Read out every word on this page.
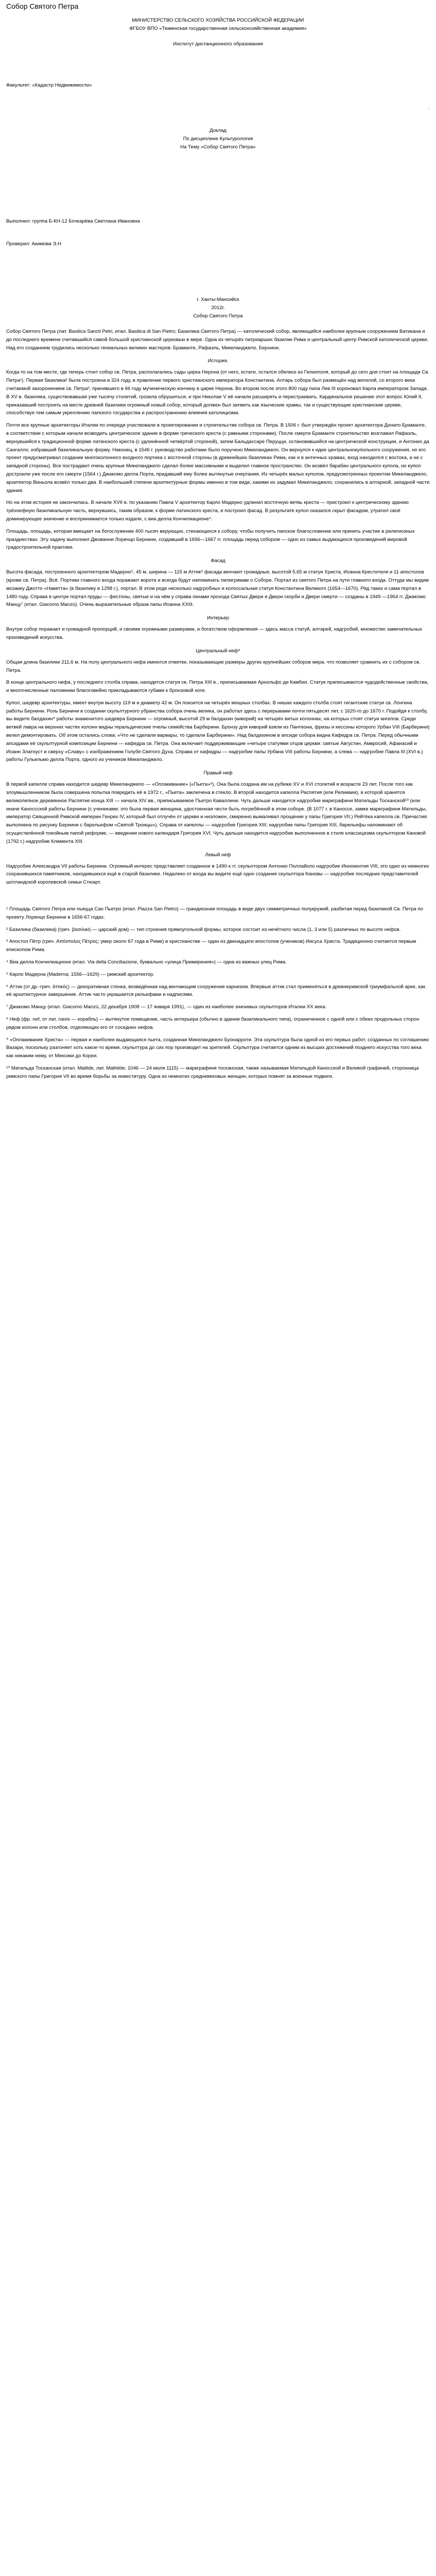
Собор Святого Петра
МИНИСТЕРСТВО СЕЛЬСКОГО ХОЗЯЙСТВА РОССИЙСКОЙ ФЕДЕРАЦИИ
ФГБОУ ВПО «Тюменская государственная сельскохозяйственная академия»
Институт дистанционного образования
Факультет: «Кадастр Недвижимости»
.
Доклад
По дисциплине Культурология
На Тему «Собор Святого Петра»
Выполнил: группа Б-КН-12 Бочкарёва Светлана Ивановна
Проверил: Акимова Э.Н
г. Ханты-Мансийск
2012г.
Собор Святого Петра

Собор Святого Петра (лат. Basilica Sancti Petri, итал. Basilica di San Pietro; Базилика Святого Петра) — католический собор, являющийся наиболее крупным сооружением Ватикана и до последнего времени считавшийся самой большой христианской церковью в мире. Одна из четырёх патриарших базилик Рима и центральный центр Римской католической церкви. Над его созданием трудились несколько гениальных великих мастеров: Браманте, Рафаэль, Микеланджело, Бернини.

История.

Когда-то на том месте, где теперь стоит собор св. Петра, располагались сады цирка Нерона (от него, кстати, остался обелиск из Гелиополя, который до сего дня стоит на площади Св. Петра¹). Первая базилика² была построена в 324 году, в правление первого христианского императора Константина. Алтарь собора был размещён над могилой, со второго века считаемой захоронением св. Петра³, принявшего в 66 году мученическую кончину в цирке Нерона. Во втором после этого 800 году папа Лев III короновал Карла императором Запада. В XV в. базилика, существовавшая уже тысячу столетий, грозила обрушиться, и при Николае V её начали расширять и перестраивать. Кардинальное решение этот вопрос Юлий II, приказавший построить на месте древней базилики огромный новый собор, который должен был затмить как языческие храмы, так и существующие христианские церкви, способствуя тем самым укреплению папского государства и распространению влияния католицизма.

Почти все крупные архитекторы Италии по очереди участвовали в проектировании и строительстве собора св. Петра. В 1506 г. был утверждён проект архитектора Донато Браманте, в соответствии с которым начали возводить центрическое здание в форме греческого креста (с равными сторонами). После смерти Браманте строительство возглавил Рафаэль, вернувшийся к традиционной форме латинского креста (с удлинённой четвёртой стороной), затем Бальдассаре Перуцци, остановившийся на центрической конструкции, и Антонио да Сангалло, избравший базиликальную форму. Наконец, в 1546 г. руководство работами было поручено Микеланджело. Он вернулся к идее центральнокупольного сооружения, но его проект предусматривал создание многоколонного входного портика с восточной стороны (в древнейших базиликах Рима, как и в античных храмах, вход находился с востока, а не с западной стороны). Все пострадают очень крупные Микеланджело сделал более массивными и выделил главное пространство. Он возвёл барабан центрального купола, но купол достроили уже после его смерти (1564 г.) Джакомо делла Порта, придавший ему более вытянутые очертания. Из четырёх малых куполов, предусмотренных проектом Микеланджело, архитектор Виньола возвёл только два. В наибольшей степени архитектурные формы именно в том виде, какими их задумал Микеланджело, сохранились в алтарной, западной части здания.

Но на этом история не закончилась. В начале XVII в. по указанию Павла V архитектор Карло Мадерно удлинил восточную ветвь креста — пристроил к центрическому зданию трёхнефную базиликальную часть, вернувшись, таким образом, к форме латинского креста, и построил фасад. В результате купол оказался скрыт фасадом, утратил своё доминирующее значение и воспринимается только издали, с виа делла Кончилиационе⁴.

Площадь, площадь, которая вмещает на богослужение 400 тысяч верующих, стекающихся к собору, чтобы получить папское благословение или принять участие в религиозных празднествах. Эту задачу выполнил Джованни Лоренцо Бернини, создавший в 1656—1667 гг. площадь перед собором — одно из самых выдающихся произведений мировой градостроительной практики.

Фасад

Высота фасада, построенного архитектором Мадерно⁵, 45 м, ширина — 115 м Аттик⁶ фасада венчают громадные, высотой 5,65 м статуи Христа, Иоанна Крестителя и 11 апостолов (кроме св. Петра). Всё. Портики главного входа поражают ворота и всегда будут напоминать пилигримам о Соборе. Портал из святого Петра на пути главного входа. Оттуда мы видим мозаику Джотто «Наветта» (в базилику в 1298 г.), портал. В этом роде несколько надгробных и колоссальная статуя Константина Великого (1654—1670). Ряд таких и сама портал в 1480 году. Справа в центре портал пруды — фестоны, святые и на нём у справа окнами прохода Святых Двери и Двери скорби и Двери смерти — созданы в 1949 —1964 гг. Джакомо Манцу⁷ (итал. Giacomo Manzù). Очень выразительные образа папы Иоанна XXIII.

Интерьер

Внутри собор поражает и громадной пропорций, и своими огромными размерами, и богатством оформления — здесь масса статуй, алтарей, надгробий, множество замечательных произведений искусства.

Центральный неф⁸

Общая длина базилики 211,6 м. На полу центрального нефа имеются отметки, показывающие размеры других крупнейших соборов мира, что позволяет сравнить их с собором св. Петра.

В конце центрального нефа, у последнего столба справа, находится статуя св. Петра XIII в., приписываемая Арнольфо ди Камбио. Статуе приписываются чудодейственные свойства, и многочисленные паломники благоговейно прикладываются губами к бронзовой ноге.

Купол, шедевр архитектуры, имеет внутри высоту 119 м и диаметр 42 м. Он покоится на четырёх мощных столбах. В нишах каждого столба стоят гигантские статуи св. Лонгина работы Бернини. Роль Бернини в создании скульптурного убранства собора очень велика, он работал здесь с перерывами почти пятьдесят лет, с 1620-го до 1670 г. Подойдя к столбу, вы видите балдахин⁹ работы знаменитого шедевра Бернини — огромный, высотой 29 м балдахин (киворий) на четырёх витых колоннах, на которых стоят статуи ангелов. Среди ветвей лавра на верхних частях колонн видны геральдические пчелы семейства Барберини. Бронзу для киворий взяли из Пантеона, фризы и кессоны которого Урбан VIII (Барберини) велел демонтировать. Об этом остались слова: «Что не сделали варвары, то сделали Барберини». Над балдахином в апсиде собора видна Кафедра св. Петра. Перед обычными апсидами её скульптурной композиции Бернини — кафедра св. Петра. Она включает поддерживающие «четыре статуями отцов церкви: святые Августин, Амвросий, Афанасий и Иоанн Златоуст и сверху «Славу» с изображением Голубя Святого Духа. Справа от кафедры — надгробие папы Урбана VIII работы Бернини, а слева — надгробие Павла III (XVI в.) работы Гульельмо делла Порта, одного из учеников Микеланджело.

Правый неф

В первой капелле справа находится шедевр Микеланджело — «Оплакивание» («Пьета»⁸). Она была создана им на рубеже XV и XVI столетий в возрасте 23 лет. После того как злоумышленником была совершена попытка повредить её в 1972 г., «Пьета» заключена в стекло. В второй находится капелла Распятия (или Реликвии), в которой хранятся великолепное деревянное Распятие конца XIII — начала XIV вв., приписываемое Пьетро Каваллини. Чуть дальше находится надгробие маркграфини Матильды Тосканской¹⁰ (или иначе Каноссской работы Бернини (с учениками; это была первая женщина, удостоенная чести быть погребённой в этом соборе. (В 1077 г. в Каноссе, замке маркграфини Матильды, император Священной Римской империи Генрих IV, который был отлучён от церкви и низложен, смиренно вымаливал прощение у папы Григория VII.) Рейтёка капелла св. Причастия выполнена по рисунку Бернини с барельефом «Святой Троицы»). Справа от капеллы — надгробие Григория XIII; надгробие папы Григория XIII, барельефы напоминают об осуществлённой покойным папой реформе, — введении нового календаря Григория XVI. Чуть дальше находится надгробие выполненное в стиле классицизма скульптором Кановой (1792 г.) надгробие Климента XIII.

Левый неф

Надгробие Александра VII работы Бернини. Огромный интерес представляет созданное в 1490-х гг. скульптором Антонио Поллайоло надгробие Иннокентия VIII, это одно из немногих сохранившихся памятников, находившихся ещё в старой базилике. Недалеко от входа вы видите ещё одно создание скульптора Кановы — надгробие последних представителей шотландской королевской семьи Стюарт.

¹ Площадь Святого Петра или пьяцца Сан Пьетро (итал. Piazza San Pietro) — грандиозная площадь в виде двух симметричных полукружий, разбитая перед базиликой Св. Петра по проекту Лоренцо Бернини в 1656-67 годах.

² Базилика (базилика) (греч. βασιλική — царский дом) — тип строения прямоугольной формы, которое состоит из нечётного числа (1, 3 или 5) различных по высоте нефов.

³ Апостол Пётр (греч. Απόστολος Πέτρος; умер около 67 года в Риме) в христианстве — один из двенадцати апостолов (учеников) Иисуса Христа. Традиционно считается первым епископом Рима.

⁴ Виа делла Кончилиационе (итал. Via della Conciliazione, буквально «улица Примирения») — одна из важных улиц Рима.

⁵ Карло Мадерна (Maderna; 1556—1629) — римский архитектор.

⁶ Аттик (от др.-греч. ἀττικός) — декоративная стенка, возведённая над венчающим сооружение карнизом. Впервые аттик стал применяться в древнеримской триумфальной арке, как её архитектурное завершение. Аттик часто украшается рельефами и надписями.

⁷ Джакомо Манцу (итал. Giacomo Manzù, 22 декабря 1908 — 17 января 1991), — один из наиболее значимых скульпторов Италии XX века.

⁸ Неф (фр. nef, от лат. navis — корабль) — вытянутое помещение, часть интерьера (обычно в здании базиликального типа), ограниченное с одной или с обеих продольных сторон рядом колонн или столбов, отделяющих его от соседних нефов.

⁹ «Оплакивание Христа» — первая и наиболее выдающаяся пьета, созданная Микеланджело Буонарроти. Эта скульптура была одной из его первых работ, созданных по соглашению Вазари, поскольку разгоняет хоть какое-то время, скульптура до сих пор производит на зрителей. Скульптура считается одним из высших достижений позднего искусства того века как никаким нему, от Мексики до Кореи.

¹⁰ Матильда Тосканская (итал. Matilde, лат. Mathilde; 1046 — 24 июля 1115) — маркграфиня тосканская, также называемая Матильдой Каносской и Великой графиней, сторонница римского папы Григория VII во время борьбы за инвеституру. Одна из немногих средневековых женщин, которых помнят за военные подвиги.
